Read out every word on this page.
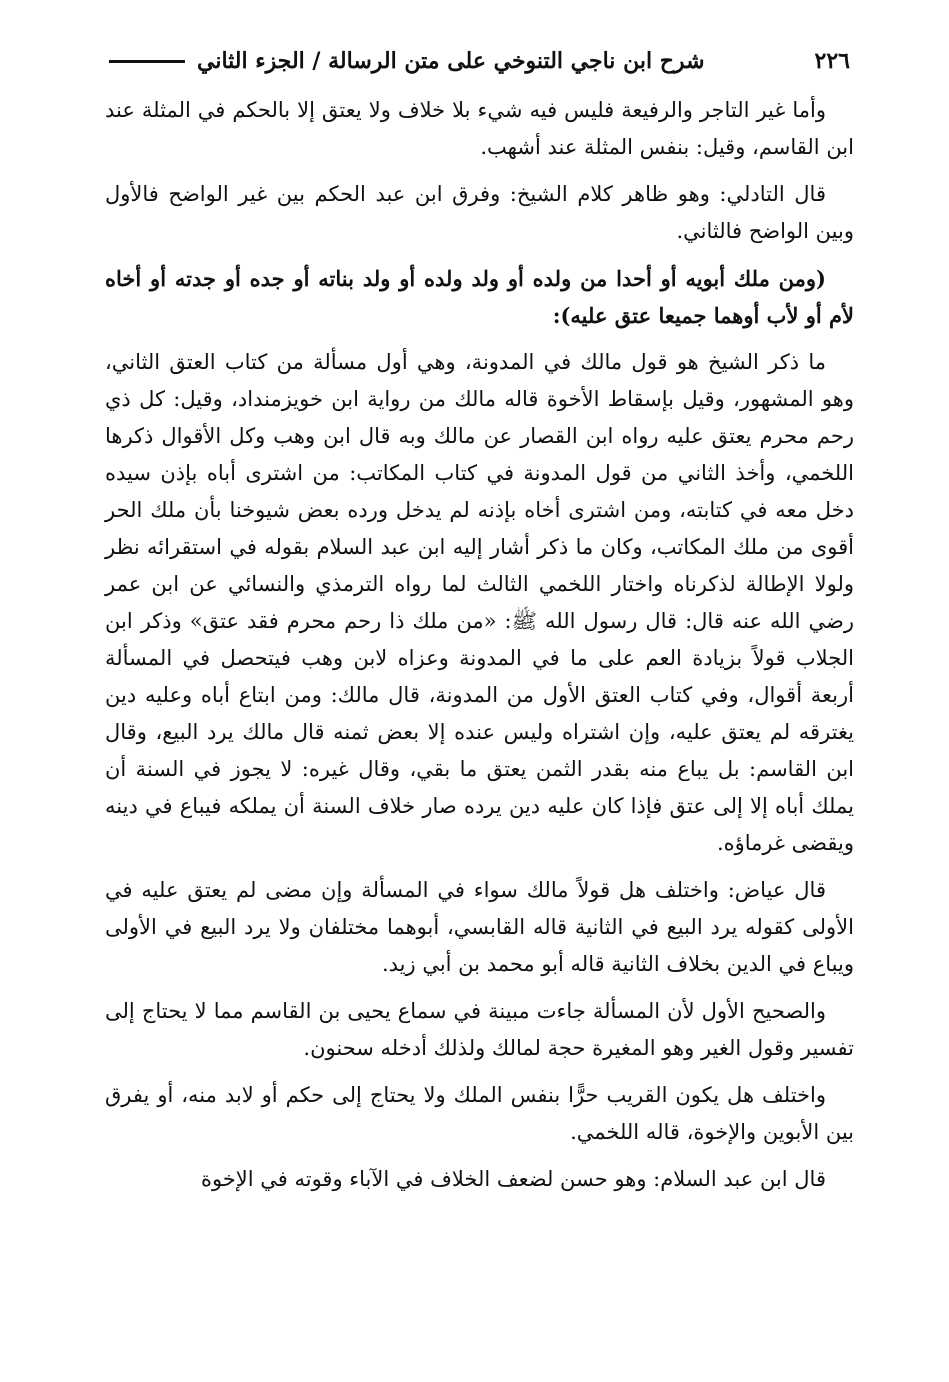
٢٢٦
شرح ابن ناجي التنوخي على متن الرسالة / الجزء الثاني

وأما غير التاجر والرفيعة فليس فيه شيء بلا خلاف ولا يعتق إلا بالحكم في المثلة عند ابن القاسم، وقيل: بنفس المثلة عند أشهب.

قال التادلي: وهو ظاهر كلام الشيخ: وفرق ابن عبد الحكم بين غير الواضح فالأول وبين الواضح فالثاني.

(ومن ملك أبويه أو أحدا من ولده أو ولد ولده أو ولد بناته أو جده أو جدته أو أخاه لأم أو لأب أوهما جميعا عتق عليه):

ما ذكر الشيخ هو قول مالك في المدونة، وهي أول مسألة من كتاب العتق الثاني، وهو المشهور، وقيل بإسقاط الأخوة قاله مالك من رواية ابن خويزمنداد، وقيل: كل ذي رحم محرم يعتق عليه رواه ابن القصار عن مالك وبه قال ابن وهب وكل الأقوال ذكرها اللخمي، وأخذ الثاني من قول المدونة في كتاب المكاتب: من اشترى أباه بإذن سيده دخل معه في كتابته، ومن اشترى أخاه بإذنه لم يدخل ورده بعض شيوخنا بأن ملك الحر أقوى من ملك المكاتب، وكان ما ذكر أشار إليه ابن عبد السلام بقوله في استقرائه نظر ولولا الإطالة لذكرناه واختار اللخمي الثالث لما رواه الترمذي والنسائي عن ابن عمر رضي الله عنه قال: قال رسول الله ﷺ: «من ملك ذا رحم محرم فقد عتق» وذكر ابن الجلاب قولاً بزيادة العم على ما في المدونة وعزاه لابن وهب فيتحصل في المسألة أربعة أقوال، وفي كتاب العتق الأول من المدونة، قال مالك: ومن ابتاع أباه وعليه دين يغترقه لم يعتق عليه، وإن اشتراه وليس عنده إلا بعض ثمنه قال مالك يرد البيع، وقال ابن القاسم: بل يباع منه بقدر الثمن يعتق ما بقي، وقال غيره: لا يجوز في السنة أن يملك أباه إلا إلى عتق فإذا كان عليه دين يرده صار خلاف السنة أن يملكه فيباع في دينه ويقضى غرماؤه.

قال عياض: واختلف هل قولاً مالك سواء في المسألة وإن مضى لم يعتق عليه في الأولى كقوله يرد البيع في الثانية قاله القابسي، أبوهما مختلفان ولا يرد البيع في الأولى ويباع في الدين بخلاف الثانية قاله أبو محمد بن أبي زيد.

والصحيح الأول لأن المسألة جاءت مبينة في سماع يحيى بن القاسم مما لا يحتاج إلى تفسير وقول الغير وهو المغيرة حجة لمالك ولذلك أدخله سحنون.

واختلف هل يكون القريب حرًّا بنفس الملك ولا يحتاج إلى حكم أو لابد منه، أو يفرق بين الأبوين والإخوة، قاله اللخمي.

قال ابن عبد السلام: وهو حسن لضعف الخلاف في الآباء وقوته في الإخوة
